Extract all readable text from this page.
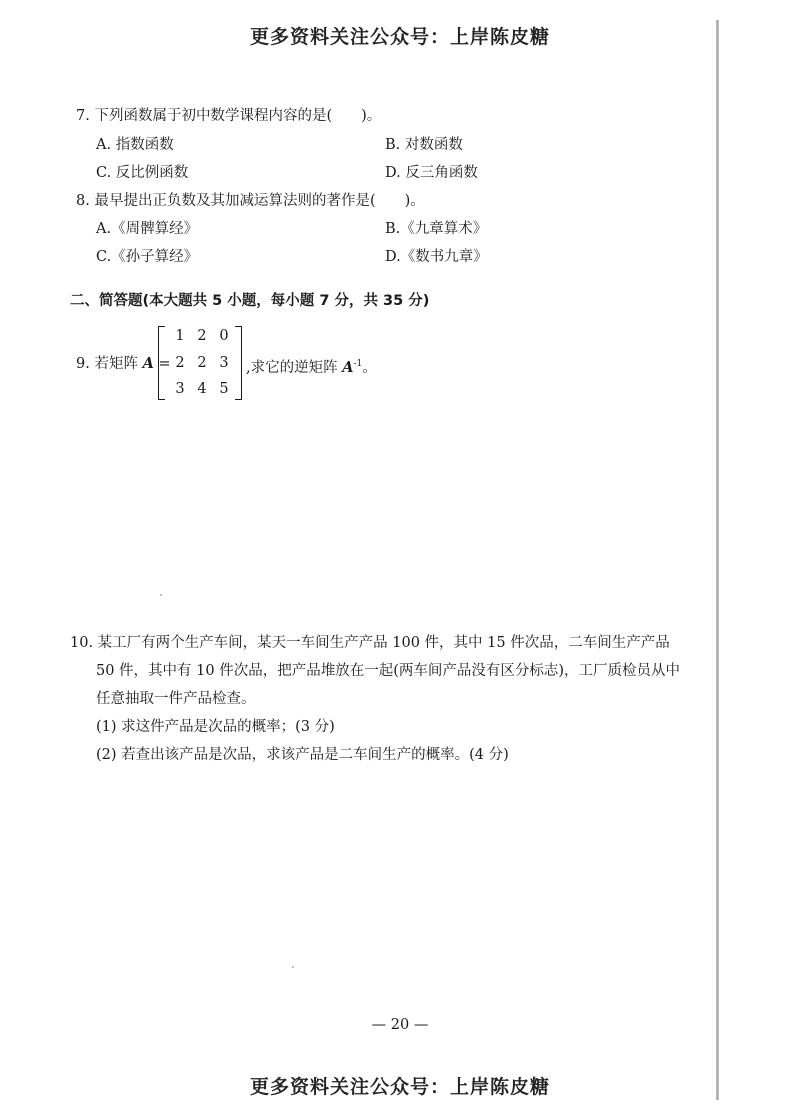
更多资料关注公众号：上岸陈皮糖
7. 下列函数属于初中数学课程内容的是(　　)。
A. 指数函数	B. 对数函数
C. 反比例函数	D. 反三角函数
8. 最早提出正负数及其加减运算法则的著作是(　　)。
A.《周髀算经》	B.《九章算术》
C.《孙子算经》	D.《数书九章》
二、简答题(本大题共 5 小题，每小题 7 分，共 35 分)
9. 若矩阵 A =
1 2 0
2 2 3
3 4 5
,求它的逆矩阵 $A^{-1}$。
10. 某工厂有两个生产车间，某天一车间生产产品 100 件，其中 15 件次品，二车间生产产品
50 件，其中有 10 件次品，把产品堆放在一起(两车间产品没有区分标志)，工厂质检员从中
任意抽取一件产品检查。
(1) 求这件产品是次品的概率；(3 分)
(2) 若查出该产品是次品，求该产品是二车间生产的概率。(4 分)
— 20 —
更多资料关注公众号：上岸陈皮糖
